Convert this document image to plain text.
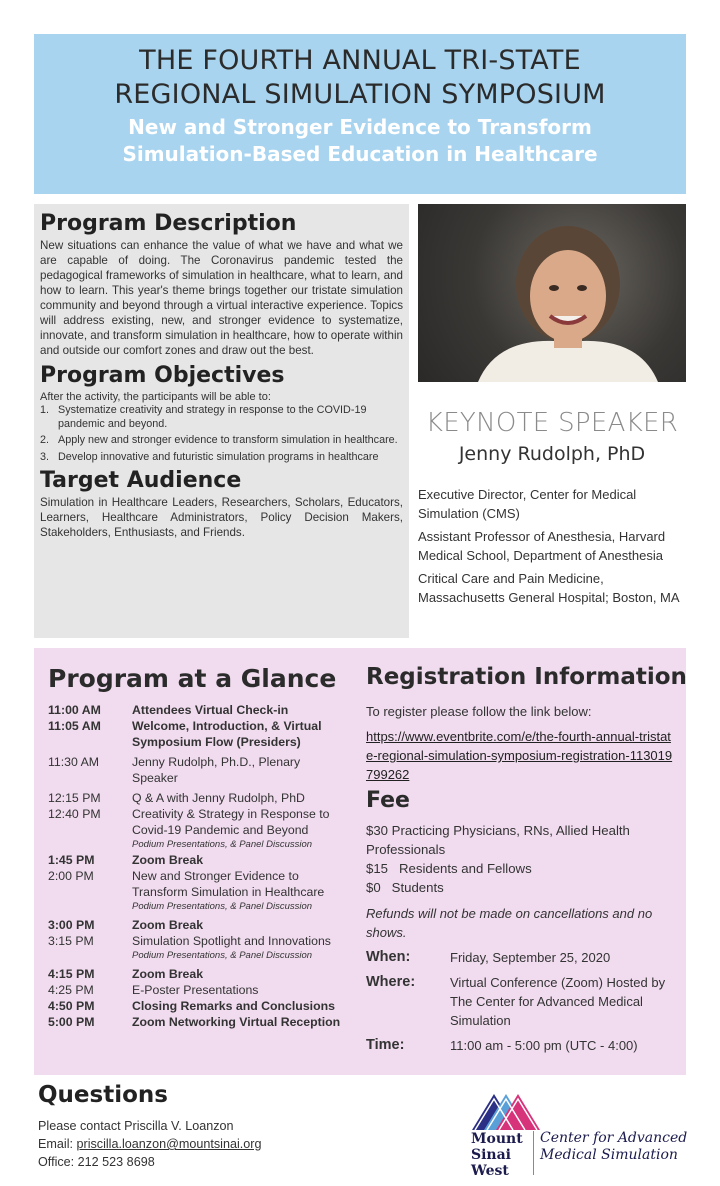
THE FOURTH ANNUAL TRI-STATE
REGIONAL SIMULATION SYMPOSIUM
New and Stronger Evidence to Transform
Simulation-Based Education in Healthcare
Program Description

New situations can enhance the value of what we have and what we are capable of doing. The Coronavirus pandemic tested the pedagogical frameworks of simulation in healthcare, what to learn, and how to learn. This year's theme brings together our tristate simulation community and beyond through a virtual interactive experience. Topics will address existing, new, and stronger evidence to systematize, innovate, and transform simulation in healthcare, how to operate within and outside our comfort zones and draw out the best.

Program Objectives

After the activity, the participants will be able to:

1. Systematize creativity and strategy in response to the COVID-19 pandemic and beyond.
2. Apply new and stronger evidence to transform simulation in healthcare.
3. Develop innovative and futuristic simulation programs in healthcare
Target Audience

Simulation in Healthcare Leaders, Researchers, Scholars, Educators, Learners, Healthcare Administrators, Policy Decision Makers, Stakeholders, Enthusiasts, and Friends.

KEYNOTE SPEAKER
Jenny Rudolph, PhD

Executive Director, Center for Medical Simulation (CMS)

Assistant Professor of Anesthesia, Harvard Medical School, Department of Anesthesia

Critical Care and Pain Medicine, Massachusetts General Hospital; Boston, MA

Program at a Glance
11:00 AM	Attendees Virtual Check-in
11:05 AM	Welcome, Introduction, & Virtual Symposium Flow (Presiders)
11:30 AM	Jenny Rudolph, Ph.D., Plenary Speaker
12:15 PM	Q & A with Jenny Rudolph, PhD
12:40 PM	Creativity & Strategy in Response to Covid-19 Pandemic and Beyond
Podium Presentations, & Panel Discussion
1:45 PM	Zoom Break
2:00 PM	New and Stronger Evidence to Transform Simulation in Healthcare
Podium Presentations, & Panel Discussion
3:00 PM	Zoom Break
3:15 PM	Simulation Spotlight and Innovations
Podium Presentations, & Panel Discussion
4:15 PM	Zoom Break
4:25 PM	E-Poster Presentations
4:50 PM	Closing Remarks and Conclusions
5:00 PM	Zoom Networking Virtual Reception
Registration Information
To register please follow the link below:
https://www.eventbrite.com/e/the-fourth-annual-tristate-regional-simulation-symposium-registration-113019799262
Fee
$30 Practicing Physicians, RNs, Allied Health Professionals
$15   Residents and Fellows
$0   Students
Refunds will not be made on cancellations and no shows.
When:	Friday, September 25, 2020
Where:	Virtual Conference (Zoom) Hosted by The Center for Advanced Medical Simulation
Time:	11:00 am - 5:00 pm (UTC - 4:00)
Questions
Please contact Priscilla V. Loanzon
Email: priscilla.loanzon@mountsinai.org
Office: 212 523 8698
Mount
Sinai
West
Center for Advanced
Medical Simulation
